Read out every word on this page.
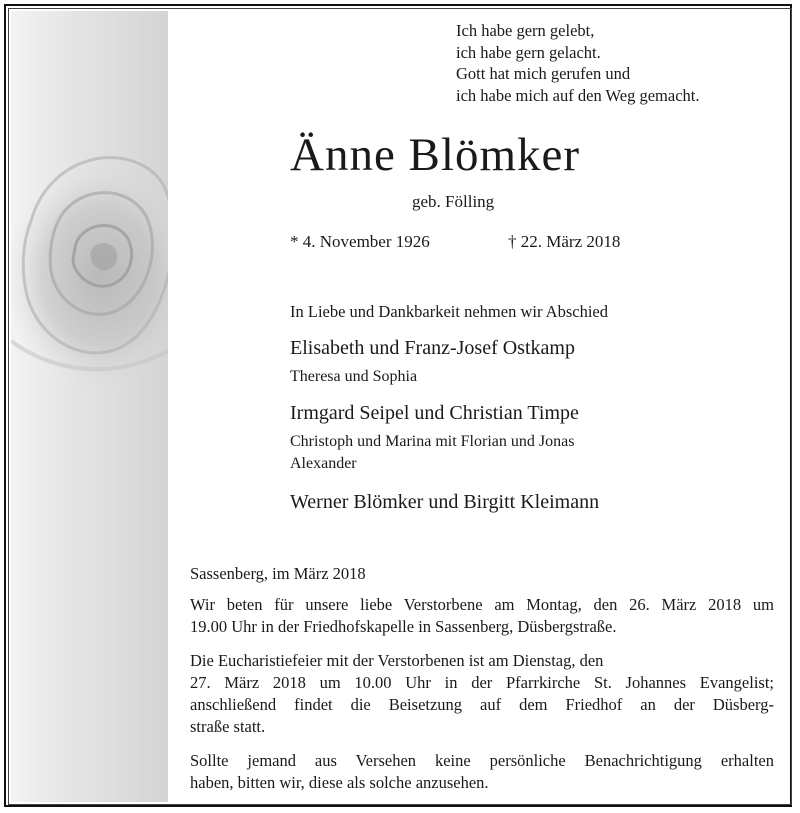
Ich habe gern gelebt,
ich habe gern gelacht.
Gott hat mich gerufen und
ich habe mich auf den Weg gemacht.
Änne Blömker
geb. Fölling
* 4. November 1926	† 22. März 2018
In Liebe und Dankbarkeit nehmen wir Abschied
Elisabeth und Franz-Josef Ostkamp
Theresa und Sophia
Irmgard Seipel und Christian Timpe
Christoph und Marina mit Florian und Jonas
Alexander
Werner Blömker und Birgitt Kleimann
Sassenberg, im März 2018
Wir beten für unsere liebe Verstorbene am Montag, den 26. März 2018 um
19.00 Uhr in der Friedhofskapelle in Sassenberg, Düsbergstraße.
Die Eucharistiefeier mit der Verstorbenen ist am Dienstag, den
27. März 2018 um 10.00 Uhr in der Pfarrkirche St. Johannes Evangelist;
anschließend findet die Beisetzung auf dem Friedhof an der Düsberg-
straße statt.
Sollte jemand aus Versehen keine persönliche Benachrichtigung erhalten
haben, bitten wir, diese als solche anzusehen.
